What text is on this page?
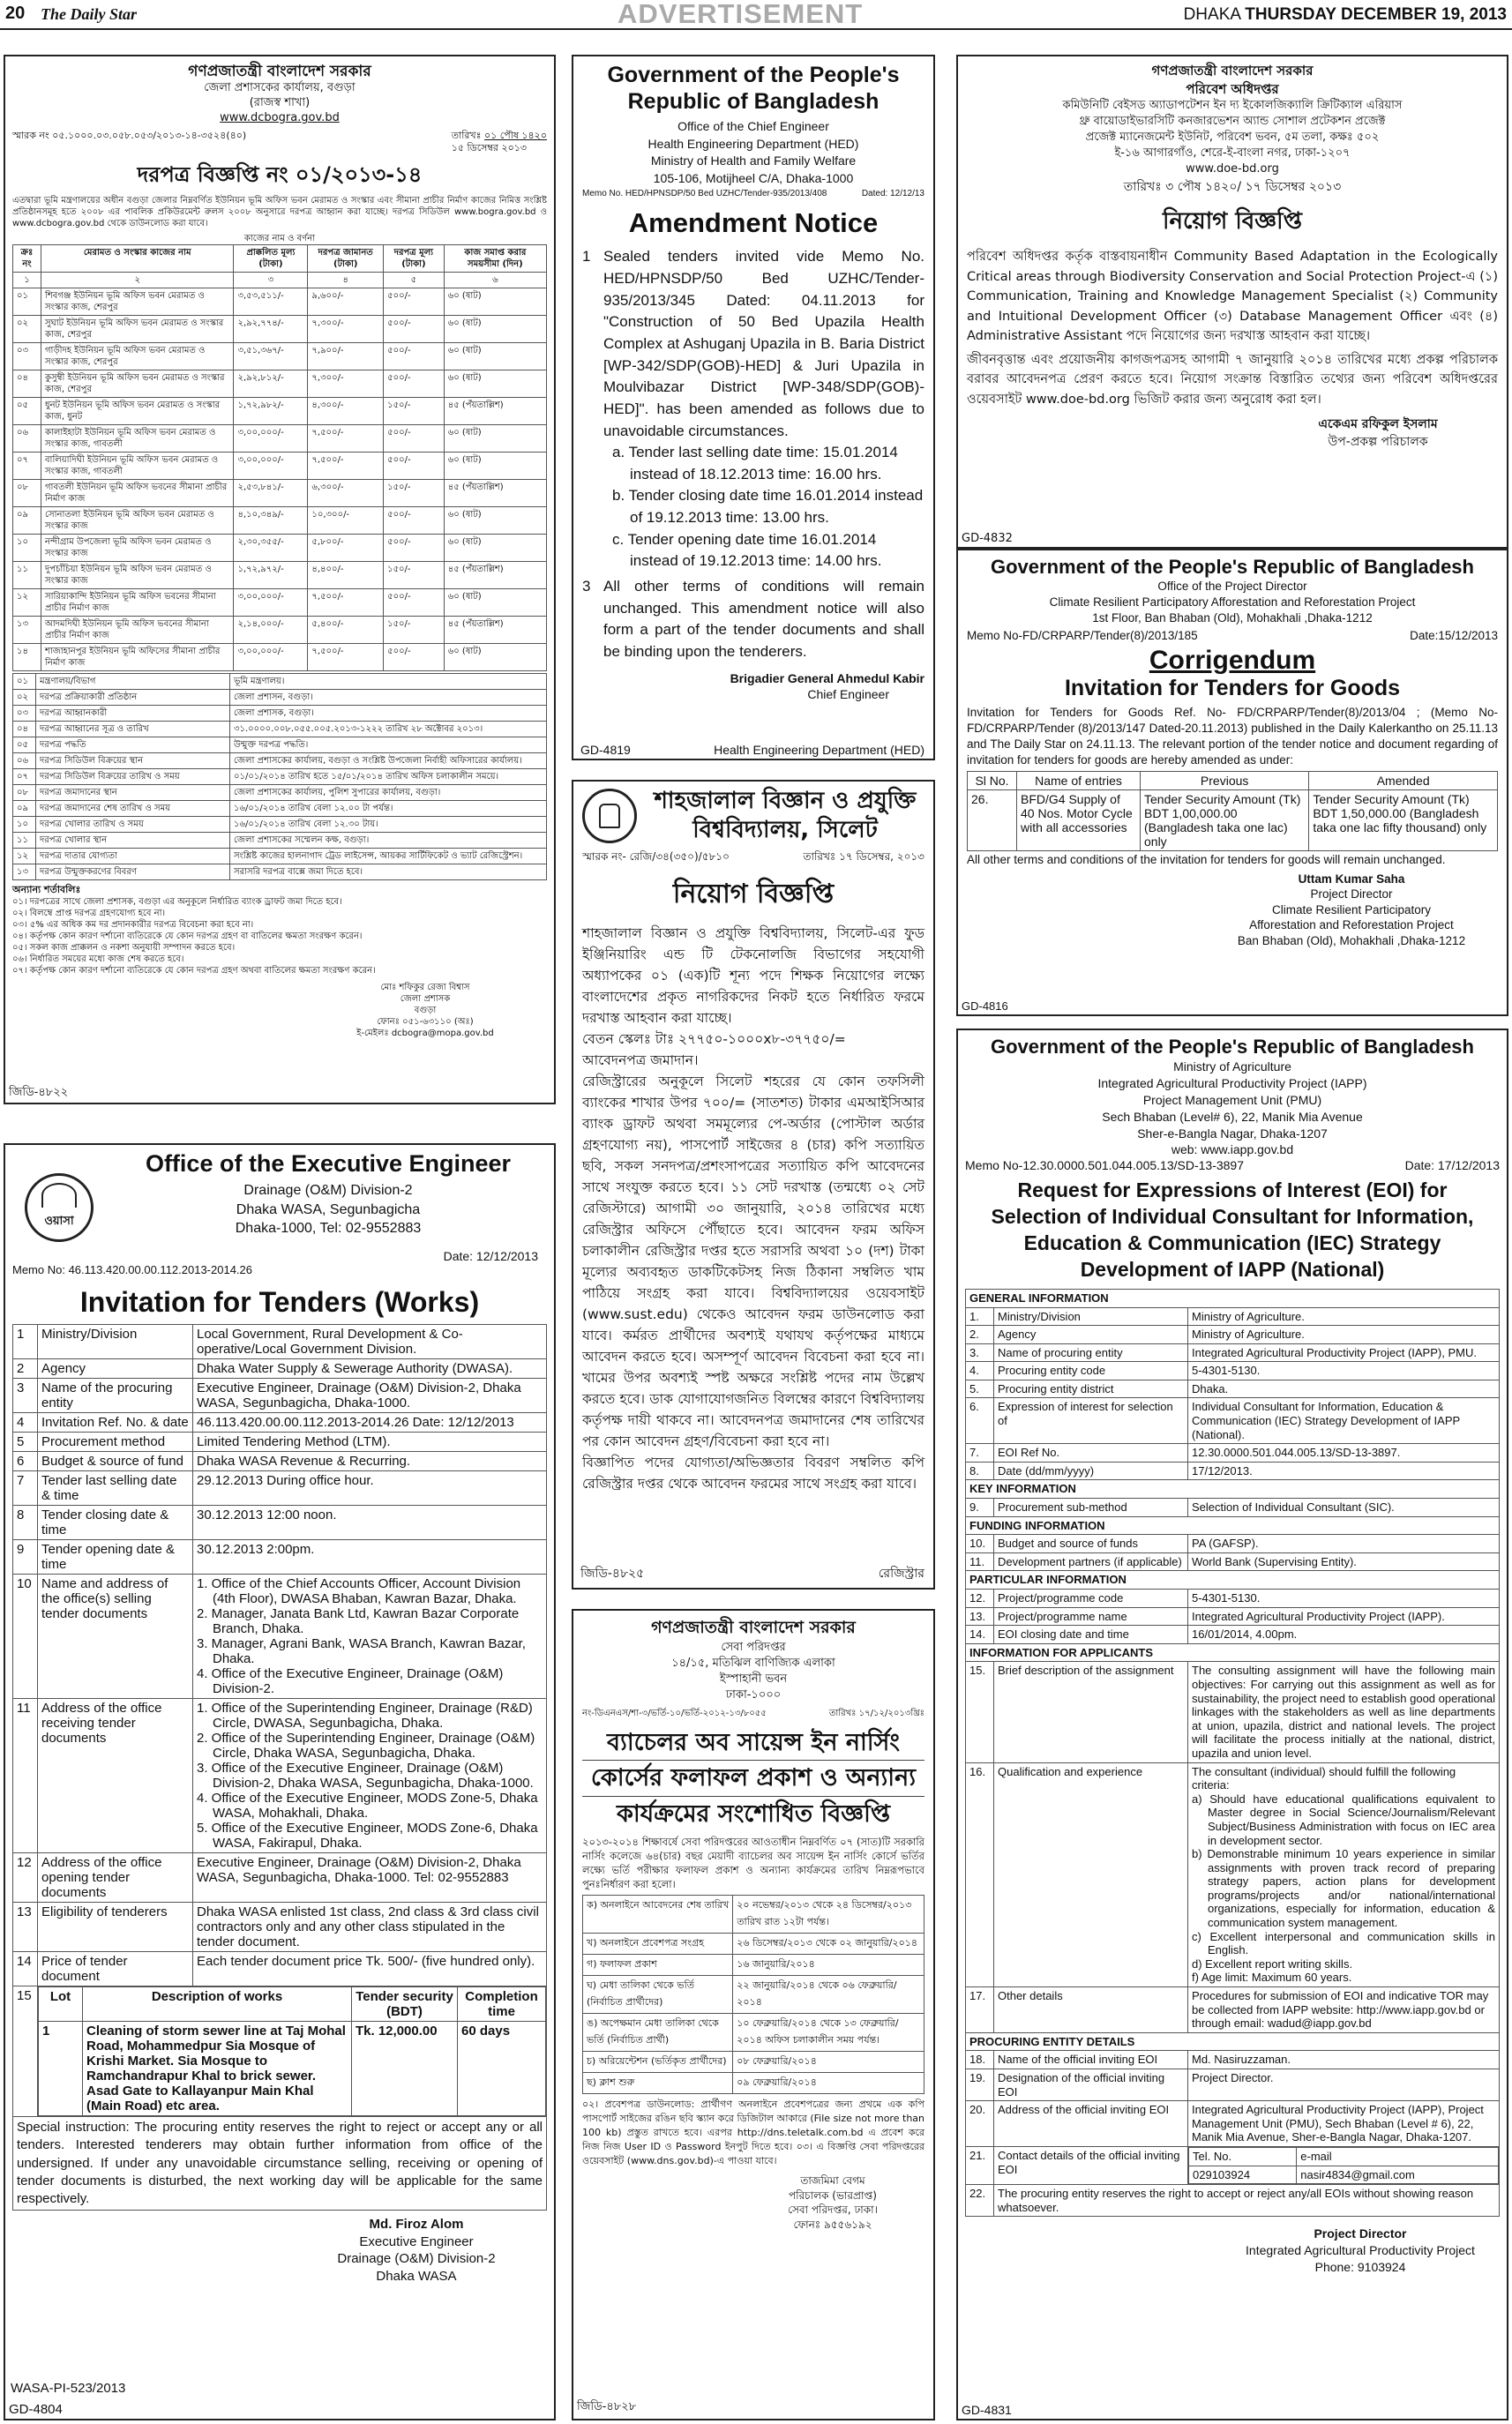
20 The Daily Star	ADVERTISEMENT	DHAKA THURSDAY DECEMBER 19, 2013
গণপ্রজাতন্ত্রী বাংলাদেশ সরকার
জেলা প্রশাসকের কার্যালয়, বগুড়া
(রাজস্ব শাখা)
www.dcbogra.gov.bd
স্মারক নং ০৫.১০০০.০৩.০৫৮.০৫৩/২০১৩-১৪-৩৫২৪(৪০)	তারিখঃ ০১ পৌষ ১৪২০
১৫ ডিসেম্বর ২০১৩
দরপত্র বিজ্ঞপ্তি নং ০১/২০১৩-১৪
এতদ্বারা ভূমি মন্ত্রণালয়ের অধীন বগুড়া জেলার নিম্নবর্ণিত ইউনিয়ন ভূমি অফিস ভবন মেরামত ও সংস্কার এবং সীমানা প্রাচীর নির্মাণ কাজের নিমিত্ত সংশ্লিষ্ট প্রতিষ্ঠানসমূহ হতে ২০০৮ এর পাবলিক প্রকিউরমেন্ট রুলস ২০০৮ অনুসারে দরপত্র আহ্বান করা যাচ্ছে। দরপত্র সিডিউল www.bogra.gov.bd ও www.dcbogra.gov.bd থেকে ডাউনলোড করা যাবে।
কাজের নাম ও বর্ণনা
ক্রঃ নং	মেরামত ও সংস্কার কাজের নাম	প্রাক্কলিত মূল্য (টাকা)	দরপত্র জামানত (টাকা)	দরপত্র মূল্য (টাকা)	কাজ সমাপ্ত করার সময়সীমা (দিন)
১	২	৩	৪	৫	৬
০১	শিবগঞ্জ ইউনিয়ন ভূমি অফিস ভবন মেরামত ও সংস্কার কাজ, শেরপুর	৩,৫৩,৫১১/-	৯,৬০০/-	৫০০/-	৬০ (ষাট)
০২	সুঘাট ইউনিয়ন ভূমি অফিস ভবন মেরামত ও সংস্কার কাজ, শেরপুর	২,৯২,৭৭৪/-	৭,৩০০/-	৫০০/-	৬০ (ষাট)
০৩	গাড়ীদহ ইউনিয়ন ভূমি অফিস ভবন মেরামত ও সংস্কার কাজ, শেরপুর	৩,৫১,৩৬৭/-	৭,৯০০/-	৫০০/-	৬০ (ষাট)
০৪	কুসুম্বী ইউনিয়ন ভূমি অফিস ভবন মেরামত ও সংস্কার কাজ, শেরপুর	২,৯২,৮১২/-	৭,৩০০/-	৫০০/-	৬০ (ষাট)
০৫	ধুনট ইউনিয়ন ভূমি অফিস ভবন মেরামত ও সংস্কার কাজ, ধুনট	১,৭২,৯৮২/-	৪,৩০০/-	১৫০/-	৪৫ (পঁয়তাল্লিশ)
০৬	কালাইহাটা ইউনিয়ন ভূমি অফিস ভবন মেরামত ও সংস্কার কাজ, গাবতলী	৩,০০,০০০/-	৭,৫০০/-	৫০০/-	৬০ (ষাট)
০৭	বালিয়াদিঘী ইউনিয়ন ভূমি অফিস ভবন মেরামত ও সংস্কার কাজ, গাবতলী	৩,০০,০০০/-	৭,৫০০/-	৫০০/-	৬০ (ষাট)
০৮	গাবতলী ইউনিয়ন ভূমি অফিস ভবনের সীমানা প্রাচীর নির্মাণ কাজ	২,৫৩,৮৪১/-	৬,৩০০/-	১৫০/-	৪৫ (পঁয়তাল্লিশ)
০৯	সোনাতলা ইউনিয়ন ভূমি অফিস ভবন মেরামত ও সংস্কার কাজ	৪,১০,৩৪৯/-	১০,৩০০/-	৫০০/-	৬০ (ষাট)
১০	নন্দীগ্রাম উপজেলা ভূমি অফিস ভবন মেরামত ও সংস্কার কাজ	২,৩০,৩৫৫/-	৫,৮০০/-	৫০০/-	৬০ (ষাট)
১১	দুপচাঁচিয়া ইউনিয়ন ভূমি অফিস ভবন মেরামত ও সংস্কার কাজ	১,৭২,৯৭২/-	৪,৪০০/-	১৫০/-	৪৫ (পঁয়তাল্লিশ)
১২	সারিয়াকান্দি ইউনিয়ন ভূমি অফিস ভবনের সীমানা প্রাচীর নির্মাণ কাজ	৩,০০,০০০/-	৭,৫০০/-	৫০০/-	৬০ (ষাট)
১৩	আদমদিঘী ইউনিয়ন ভূমি অফিস ভবনের সীমানা প্রাচীর নির্মাণ কাজ	২,১৪,০০০/-	৫,৪০০/-	১৫০/-	৪৫ (পঁয়তাল্লিশ)
১৪	শাজাহানপুর ইউনিয়ন ভূমি অফিসের সীমানা প্রাচীর নির্মাণ কাজ	৩,০০,০০০/-	৭,৫০০/-	৫০০/-	৬০ (ষাট)
০১	মন্ত্রণালয়/বিভাগ	ভূমি মন্ত্রণালয়।
০২	দরপত্র প্রক্রিয়াকারী প্রতিষ্ঠান	জেলা প্রশাসন, বগুড়া।
০৩	দরপত্র আহ্বানকারী	জেলা প্রশাসক, বগুড়া।
০৪	দরপত্র আহ্বানের সূত্র ও তারিখ	৩১.০০০০.০০৮.০৫৫.০০৫.২০১৩-১২২২ তারিখ ২৮ অক্টোবর ২০১৩।
০৫	দরপত্র পদ্ধতি	উন্মুক্ত দরপত্র পদ্ধতি।
০৬	দরপত্র সিডিউল বিক্রয়ের স্থান	জেলা প্রশাসকের কার্যালয়, বগুড়া ও সংশ্লিষ্ট উপজেলা নির্বাহী অফিসারের কার্যালয়।
০৭	দরপত্র সিডিউল বিক্রয়ের তারিখ ও সময়	০১/০১/২০১৪ তারিখ হতে ১৫/০১/২০১৪ তারিখ অফিস চলাকালীন সময়ে।
০৮	দরপত্র জমাদানের স্থান	জেলা প্রশাসকের কার্যালয়, পুলিশ সুপারের কার্যালয়, বগুড়া।
০৯	দরপত্র জমাদানের শেষ তারিখ ও সময়	১৬/০১/২০১৪ তারিখ বেলা ১২.০০ টা পর্যন্ত।
১০	দরপত্র খোলার তারিখ ও সময়	১৬/০১/২০১৪ তারিখ বেলা ১২.৩০ টায়।
১১	দরপত্র খোলার স্থান	জেলা প্রশাসকের সম্মেলন কক্ষ, বগুড়া।
১২	দরপত্র দাতার যোগ্যতা	সংশ্লিষ্ট কাজের হালনাগাদ ট্রেড লাইসেন্স, আয়কর সার্টিফিকেট ও ভ্যাট রেজিস্ট্রেশন।
১৩	দরপত্র উন্মুক্তকরণের বিবরণ	সরাসরি দরপত্র বাক্সে জমা দিতে হবে।
অন্যান্য শর্তাবলিঃ
০১। দরপত্রের সাথে জেলা প্রশাসক, বগুড়া এর অনুকূলে নির্ধারিত ব্যাংক ড্রাফট জমা দিতে হবে।
০২। বিলম্বে প্রাপ্ত দরপত্র গ্রহণযোগ্য হবে না।
০৩। ৫% এর অধিক কম দর প্রদানকারীর দরপত্র বিবেচনা করা হবে না।
০৪। কর্তৃপক্ষ কোন কারণ দর্শানো ব্যতিরেকে যে কোন দরপত্র গ্রহণ বা বাতিলের ক্ষমতা সংরক্ষণ করেন।
০৫। সকল কাজ প্রাক্কলন ও নকশা অনুযায়ী সম্পাদন করতে হবে।
০৬। নির্ধারিত সময়ের মধ্যে কাজ শেষ করতে হবে।
০৭। কর্তৃপক্ষ কোন কারণ দর্শানো ব্যতিরেকে যে কোন দরপত্র গ্রহণ অথবা বাতিলের ক্ষমতা সংরক্ষণ করেন।
মোঃ শফিকুর রেজা বিশ্বাস
জেলা প্রশাসক
বগুড়া
ফোনঃ ০৫১-৬৩১১০ (অঃ)
ই-মেইলঃ dcbogra@mopa.gov.bd
জিডি-৪৮২২
Government of the People's Republic of Bangladesh
Office of the Chief Engineer
Health Engineering Department (HED)
Ministry of Health and Family Welfare
105-106, Motijheel C/A, Dhaka-1000
Memo No. HED/HPNSDP/50 Bed UZHC/Tender-935/2013/408	Dated: 12/12/13
Amendment Notice
1 Sealed tenders invited vide Memo No. HED/HPNSDP/50 Bed UZHC/Tender-935/2013/345 Dated: 04.11.2013 for "Construction of 50 Bed Upazila Health Complex at Ashuganj Upazila in B. Baria District [WP-342/SDP(GOB)-HED] & Juri Upazila in Moulvibazar District [WP-348/SDP(GOB)-HED]". has been amended as follows due to unavoidable circumstances.
a. Tender last selling date time: 15.01.2014 instead of 18.12.2013 time: 16.00 hrs.
b. Tender closing date time 16.01.2014 instead of 19.12.2013 time: 13.00 hrs.
c. Tender opening date time 16.01.2014 instead of 19.12.2013 time: 14.00 hrs.
3 All other terms of conditions will remain unchanged. This amendment notice will also form a part of the tender documents and shall be binding upon the tenderers.
Brigadier General Ahmedul Kabir
Chief Engineer
GD-4819	Health Engineering Department (HED)
শাহজালাল বিজ্ঞান ও প্রযুক্তি
বিশ্ববিদ্যালয়, সিলেট
স্মারক নং- রেজি/৩৪(৩৫০)/৫৮১০	তারিখঃ ১৭ ডিসেম্বর, ২০১৩
নিয়োগ বিজ্ঞপ্তি
শাহজালাল বিজ্ঞান ও প্রযুক্তি বিশ্ববিদ্যালয়, সিলেট-এর ফুড ইঞ্জিনিয়ারিং এন্ড টি টেকনোলজি বিভাগের সহযোগী অধ্যাপকের ০১ (এক)টি শূন্য পদে শিক্ষক নিয়োগের লক্ষ্যে বাংলাদেশের প্রকৃত নাগরিকদের নিকট হতে নির্ধারিত ফরমে দরখাস্ত আহবান করা যাচ্ছে।
বেতন স্কেলঃ টাঃ ২৭৭৫০-১০০০x৮-৩৭৭৫০/=
আবেদনপত্র জমাদান।
রেজিস্ট্রারের অনুকূলে সিলেট শহরের যে কোন তফসিলী ব্যাংকের শাখার উপর ৭০০/= (সাতশত) টাকার এমআইসিআর ব্যাংক ড্রাফট অথবা সমমূল্যের পে-অর্ডার (পোস্টাল অর্ডার গ্রহণযোগ্য নয়), পাসপোর্ট সাইজের ৪ (চার) কপি সত্যায়িত ছবি, সকল সনদপত্র/প্রশংসাপত্রের সত্যায়িত কপি আবেদনের সাথে সংযুক্ত করতে হবে। ১১ সেট দরখাস্ত (তন্মধ্যে ০২ সেট রেজিস্টারে) আগামী ৩০ জানুয়ারি, ২০১৪ তারিখের মধ্যে রেজিস্ট্রার অফিসে পৌঁছাতে হবে। আবেদন ফরম অফিস চলাকালীন রেজিস্ট্রার দপ্তর হতে সরাসরি অথবা ১০ (দশ) টাকা মূল্যের অব্যবহৃত ডাকটিকেটসহ নিজ ঠিকানা সম্বলিত খাম পাঠিয়ে সংগ্রহ করা যাবে। বিশ্ববিদ্যালয়ের ওয়েবসাইট (www.sust.edu) থেকেও আবেদন ফরম ডাউনলোড করা যাবে। কর্মরত প্রার্থীদের অবশ্যই যথাযথ কর্তৃপক্ষের মাধ্যমে আবেদন করতে হবে। অসম্পূর্ণ আবেদন বিবেচনা করা হবে না। খামের উপর অবশ্যই স্পষ্ট অক্ষরে সংশ্লিষ্ট পদের নাম উল্লেখ করতে হবে। ডাক যোগাযোগজনিত বিলম্বের কারণে বিশ্ববিদ্যালয় কর্তৃপক্ষ দায়ী থাকবে না। আবেদনপত্র জমাদানের শেষ তারিখের পর কোন আবেদন গ্রহণ/বিবেচনা করা হবে না।
বিজ্ঞাপিত পদের যোগ্যতা/অভিজ্ঞতার বিবরণ সম্বলিত কপি রেজিস্ট্রার দপ্তর থেকে আবেদন ফরমের সাথে সংগ্রহ করা যাবে।
জিডি-৪৮২৫	রেজিস্ট্রার
গণপ্রজাতন্ত্রী বাংলাদেশ সরকার
সেবা পরিদপ্তর
১৪/১৫, মতিঝিল বাণিজ্যিক এলাকা
ইস্পাহানী ভবন
ঢাকা-১০০০
নং-ডিএনএস/শা-৩/ভর্তি-১০/ভর্তি-২০১২-১৩/৮০৫৫	তারিখঃ ১৭/১২/২০১৩খ্রিঃ
ব্যাচেলর অব সায়েন্স ইন নার্সিং
কোর্সের ফলাফল প্রকাশ ও অন্যান্য
কার্যক্রমের সংশোধিত বিজ্ঞপ্তি
২০১৩-২০১৪ শিক্ষাবর্ষে সেবা পরিদপ্তরের আওতাধীন নিম্নবর্ণিত ০৭ (সাত)টি সরকারি নার্সিং কলেজে ৬৪(চার) বছর মেয়াদী ব্যাচেলর অব সায়েন্স ইন নার্সিং কোর্সে ভর্তির লক্ষ্যে ভর্তি পরীক্ষার ফলাফল প্রকাশ ও অন্যান্য কার্যক্রমের তারিখ নিম্নরূপভাবে পুনঃনির্ধারণ করা হলো।
ক) অনলাইনে আবেদনের শেষ তারিখ	২০ নভেম্বর/২০১৩ থেকে ২৪ ডিসেম্বর/২০১৩ তারিখ রাত ১২টা পর্যন্ত।
খ) অনলাইনে প্রবেশপত্র সংগ্রহ	২৬ ডিসেম্বর/২০১৩ থেকে ০২ জানুয়ারি/২০১৪
গ) ফলাফল প্রকাশ	১৬ জানুয়ারি/২০১৪
ঘ) মেধা তালিকা থেকে ভর্তি (নির্বাচিত প্রার্থীদের)	২২ জানুয়ারি/২০১৪ থেকে ০৬ ফেব্রুয়ারি/২০১৪
ঙ) অপেক্ষমান মেধা তালিকা থেকে ভর্তি (নির্বাচিত প্রার্থী)	১০ ফেব্রুয়ারি/২০১৪ থেকে ১৩ ফেব্রুয়ারি/২০১৪ অফিস চলাকালীন সময় পর্যন্ত।
চ) অরিয়েন্টেশন (ভর্তিকৃত প্রার্থীদের)	০৮ ফেব্রুয়ারি/২০১৪
ছ) ক্লাশ শুরু	০৯ ফেব্রুয়ারি/২০১৪
০২। প্রবেশপত্র ডাউনলোড: প্রার্থীগণ অনলাইনে প্রবেশপত্রের জন্য প্রথমে এক কপি পাসপোর্ট সাইজের রঙিন ছবি স্ক্যান করে ডিজিটাল আকারে (File size not more than 100 kb) প্রস্তুত রাখতে হবে। এরপর http://dns.teletalk.com.bd এ প্রবেশ করে নিজ নিজ User ID ও Password ইনপুট দিতে হবে। ০৩। এ বিজ্ঞপ্তি সেবা পরিদপ্তরের ওয়েবসাইট (www.dns.gov.bd)-এ পাওয়া যাবে।
তাজমিমা বেগম
পরিচালক (ভারপ্রাপ্ত)
সেবা পরিদপ্তর, ঢাকা।
ফোনঃ ৯৫৫৬১৯২
জিডি-৪৮২৮
ওয়াসা
Office of the Executive Engineer
Drainage (O&M) Division-2
Dhaka WASA, Segunbagicha
Dhaka-1000, Tel: 02-9552883
Date: 12/12/2013
Memo No: 46.113.420.00.00.112.2013-2014.26
Invitation for Tenders (Works)
1	Ministry/Division	Local Government, Rural Development & Co-operative/Local Government Division.
2	Agency	Dhaka Water Supply & Sewerage Authority (DWASA).
3	Name of the procuring entity	Executive Engineer, Drainage (O&M) Division-2, Dhaka WASA, Segunbagicha, Dhaka-1000.
4	Invitation Ref. No. & date	46.113.420.00.00.112.2013-2014.26 Date: 12/12/2013
5	Procurement method	Limited Tendering Method (LTM).
6	Budget & source of fund	Dhaka WASA Revenue & Recurring.
7	Tender last selling date & time	29.12.2013 During office hour.
8	Tender closing date & time	30.12.2013 12:00 noon.
9	Tender opening date & time	30.12.2013 2:00pm.
10	Name and address of the office(s) selling tender documents	
1. Office of the Chief Accounts Officer, Account Division (4th Floor), DWASA Bhaban, Kawran Bazar, Dhaka.
2. Manager, Janata Bank Ltd, Kawran Bazar Corporate Branch, Dhaka.
3. Manager, Agrani Bank, WASA Branch, Kawran Bazar, Dhaka.
4. Office of the Executive Engineer, Drainage (O&M) Division-2.

11	Address of the office receiving tender documents	
1. Office of the Superintending Engineer, Drainage (R&D) Circle, DWASA, Segunbagicha, Dhaka.
2. Office of the Superintending Engineer, Drainage (O&M) Circle, Dhaka WASA, Segunbagicha, Dhaka.
3. Office of the Executive Engineer, Drainage (O&M) Division-2, Dhaka WASA, Segunbagicha, Dhaka-1000.
4. Office of the Executive Engineer, MODS Zone-5, Dhaka WASA, Mohakhali, Dhaka.
5. Office of the Executive Engineer, MODS Zone-6, Dhaka WASA, Fakirapul, Dhaka.

12	Address of the office opening tender documents	Executive Engineer, Drainage (O&M) Division-2, Dhaka WASA, Segunbagicha, Dhaka-1000. Tel: 02-9552883
13	Eligibility of tenderers	Dhaka WASA enlisted 1st class, 2nd class & 3rd class civil contractors only and any other class stipulated in the tender document.
14	Price of tender document	Each tender document price Tk. 500/- (five hundred only).
15	Lot	Description of works	Tender security (BDT)	Completion time
1	Cleaning of storm sewer line at Taj Mohal Road, Mohammedpur Sia Mosque of Krishi Market. Sia Mosque to Ramchandrapur Khal to brick sewer. Asad Gate to Kallayanpur Main Khal (Main Road) etc area.	Tk. 12,000.00	60 days

Special instruction: The procuring entity reserves the right to reject or accept any or all tenders. Interested tenderers may obtain further information from office of the undersigned. If under any unavoidable circumstance selling, receiving or opening of tender documents is disturbed, the next working day will be applicable for the same respectively.
Md. Firoz Alom
Executive Engineer
Drainage (O&M) Division-2
Dhaka WASA
WASA-PI-523/2013
GD-4804
গণপ্রজাতন্ত্রী বাংলাদেশ সরকার
পরিবেশ অধিদপ্তর
কমিউনিটি বেইসড অ্যাডাপটেশন ইন দ্য ইকোলজিক্যালি ক্রিটিক্যাল এরিয়াস
থ্রু বায়োডাইভারসিটি কনজারভেশন অ্যান্ড সোশাল প্রটেকশন প্রজেক্ট
প্রজেক্ট ম্যানেজমেন্ট ইউনিট, পরিবেশ ভবন, ৫ম তলা, কক্ষঃ ৫০২
ই-১৬ আগারগাঁও, শেরে-ই-বাংলা নগর, ঢাকা-১২০৭
www.doe-bd.org
তারিখঃ ৩ পৌষ ১৪২০/ ১৭ ডিসেম্বর ২০১৩
নিয়োগ বিজ্ঞপ্তি
পরিবেশ অধিদপ্তর কর্তৃক বাস্তবায়নাধীন Community Based Adaptation in the Ecologically Critical areas through Biodiversity Conservation and Social Protection Project-এ (১) Communication, Training and Knowledge Management Specialist (২) Community and Intuitional Development Officer (৩) Database Management Officer এবং (৪) Administrative Assistant পদে নিয়োগের জন্য দরখাস্ত আহবান করা যাচ্ছে।
জীবনবৃত্তান্ত এবং প্রয়োজনীয় কাগজপত্রসহ আগামী ৭ জানুয়ারি ২০১৪ তারিখের মধ্যে প্রকল্প পরিচালক বরাবর আবেদনপত্র প্রেরণ করতে হবে। নিয়োগ সংক্রান্ত বিস্তারিত তথ্যের জন্য পরিবেশ অধিদপ্তরের ওয়েবসাইট www.doe-bd.org ভিজিট করার জন্য অনুরোধ করা হল।
একেএম রফিকুল ইসলাম
উপ-প্রকল্প পরিচালক
GD-4832
Government of the People's Republic of Bangladesh
Office of the Project Director
Climate Resilient Participatory Afforestation and Reforestation Project
1st Floor, Ban Bhaban (Old), Mohakhali ,Dhaka-1212
Memo No-FD/CRPARP/Tender(8)/2013/185	Date:15/12/2013
Corrigendum
Invitation for Tenders for Goods
Invitation for Tenders for Goods Ref. No- FD/CRPARP/Tender(8)/2013/04 ; (Memo No- FD/CRPARP/Tender (8)/2013/147 Dated-20.11.2013) published in the Daily Kalerkantho on 25.11.13 and The Daily Star on 24.11.13. The relevant portion of the tender notice and document regarding of invitation for tenders for goods are hereby amended as under:
Sl No.	Name of entries	Previous	Amended
26.	BFD/G4 Supply of 40 Nos. Motor Cycle with all accessories	Tender Security Amount (Tk) BDT 1,00,000.00 (Bangladesh taka one lac) only	Tender Security Amount (Tk) BDT 1,50,000.00 (Bangladesh taka one lac fifty thousand) only
All other terms and conditions of the invitation for tenders for goods will remain unchanged.
Uttam Kumar Saha
Project Director
Climate Resilient Participatory
Afforestation and Reforestation Project
Ban Bhaban (Old), Mohakhali ,Dhaka-1212
GD-4816
Government of the People's Republic of Bangladesh
Ministry of Agriculture
Integrated Agricultural Productivity Project (IAPP)
Project Management Unit (PMU)
Sech Bhaban (Level# 6), 22, Manik Mia Avenue
Sher-e-Bangla Nagar, Dhaka-1207
web: www.iapp.gov.bd
Memo No-12.30.0000.501.044.005.13/SD-13-3897	Date: 17/12/2013
Request for Expressions of Interest (EOI) for Selection of Individual Consultant for Information, Education & Communication (IEC) Strategy Development of IAPP (National)
GENERAL INFORMATION
1.	Ministry/Division	Ministry of Agriculture.
2.	Agency	Ministry of Agriculture.
3.	Name of procuring entity	Integrated Agricultural Productivity Project (IAPP), PMU.
4.	Procuring entity code	5-4301-5130.
5.	Procuring entity district	Dhaka.
6.	Expression of interest for selection of	Individual Consultant for Information, Education & Communication (IEC) Strategy Development of IAPP (National).
7.	EOI Ref No.	12.30.0000.501.044.005.13/SD-13-3897.
8.	Date (dd/mm/yyyy)	17/12/2013.
KEY INFORMATION
9.	Procurement sub-method	Selection of Individual Consultant (SIC).
FUNDING INFORMATION
10.	Budget and source of funds	PA (GAFSP).
11.	Development partners (if applicable)	World Bank (Supervising Entity).
PARTICULAR INFORMATION
12.	Project/programme code	5-4301-5130.
13.	Project/programme name	Integrated Agricultural Productivity Project (IAPP).
14.	EOI closing date and time	16/01/2014, 4.00pm.
INFORMATION FOR APPLICANTS
15.	Brief description of the assignment	The consulting assignment will have the following main objectives: For carrying out this assignment as well as for sustainability, the project need to establish good operational linkages with the stakeholders as well as line departments at union, upazila, district and national levels. The project will facilitate the process initially at the national, district, upazila and union level.
16.	Qualification and experience	The consultant (individual) should fulfill the following criteria:
a) Should have educational qualifications equivalent to Master degree in Social Science/Journalism/Relevant Subject/Business Administration with focus on IEC area in development sector.
b) Demonstrable minimum 10 years experience in similar assignments with proven track record of preparing strategy papers, action plans for development programs/projects and/or national/international organizations, especially for information, education & communication system management.
c) Excellent interpersonal and communication skills in English.
d) Excellent report writing skills.
f) Age limit: Maximum 60 years.

17.	Other details	Procedures for submission of EOI and indicative TOR may be collected from IAPP website: http://www.iapp.gov.bd or through email: wadud@iapp.gov.bd
PROCURING ENTITY DETAILS
18.	Name of the official inviting EOI	Md. Nasiruzzaman.
19.	Designation of the official inviting EOI	Project Director.
20.	Address of the official inviting EOI	Integrated Agricultural Productivity Project (IAPP), Project Management Unit (PMU), Sech Bhaban (Level # 6), 22, Manik Mia Avenue, Sher-e-Bangla Nagar, Dhaka-1207.
21.	Contact details of the official inviting EOI	
Tel. No.	e-mail
029103924	nasir4834@gmail.com

22.	The procuring entity reserves the right to accept or reject any/all EOIs without showing reason whatsoever.
Project Director
Integrated Agricultural Productivity Project
Phone: 9103924
GD-4831
